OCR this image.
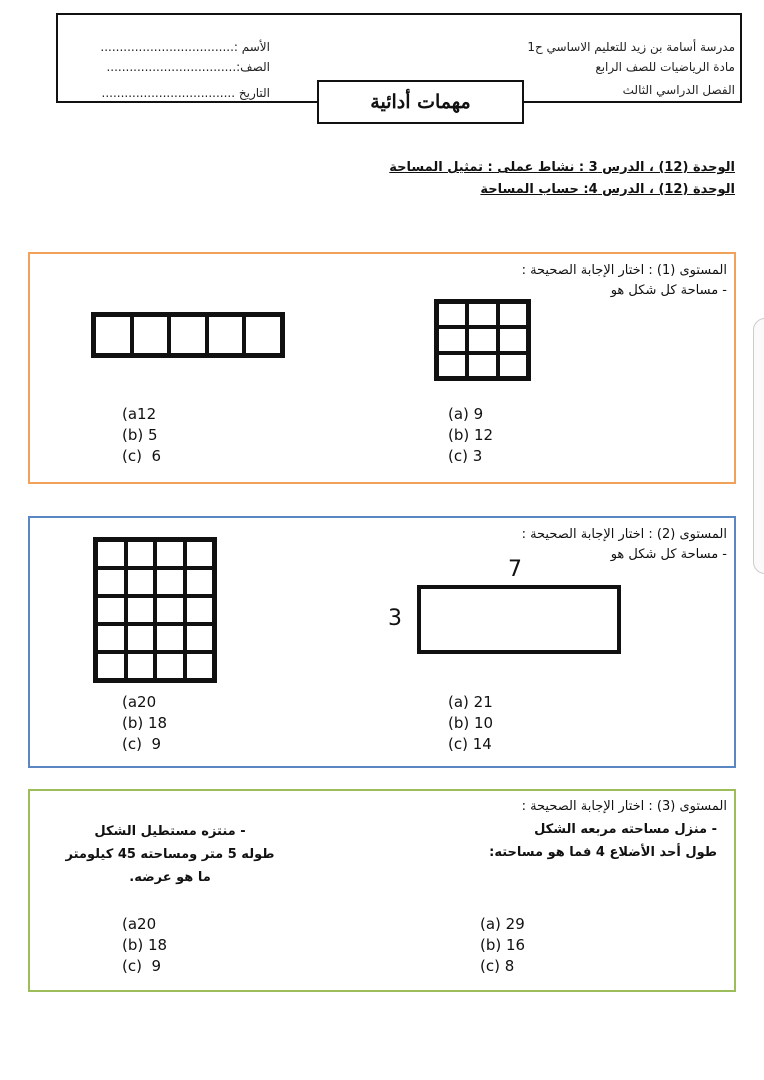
مدرسة أسامة بن زيد للتعليم الاساسي ح1
مادة الرياضيات للصف الرابع
الفصل الدراسي الثالث
الأسم :...................................
الصف:..................................
التاريخ ...................................	مهمات أدائية
الوحدة (12) ، الدرس 3 : نشاط عملى : تمثيل المساحة
الوحدة (12) ، الدرس 4: حساب المساحة
المستوى (1) : اختار الإجابة الصحيحة :
- مساحة كل شكل هو
(a12
(b) 5
(c)  6
(a) 9
(b) 12
(c) 3
المستوى (2) : اختار الإجابة الصحيحة :
- مساحة كل شكل هو
7
3
(a20
(b) 18
(c)  9
(a) 21
(b) 10
(c) 14
المستوى (3) : اختار الإجابة الصحيحة :
- منزل مساحته مربعه الشكل
طول أحد الأضلاع 4 فما هو مساحته:
- منتزه مستطيل الشكل
طوله 5 متر ومساحته 45 كيلومتر
ما هو عرضه.
(a20
(b) 18
(c)  9
(a) 29
(b) 16
(c) 8
